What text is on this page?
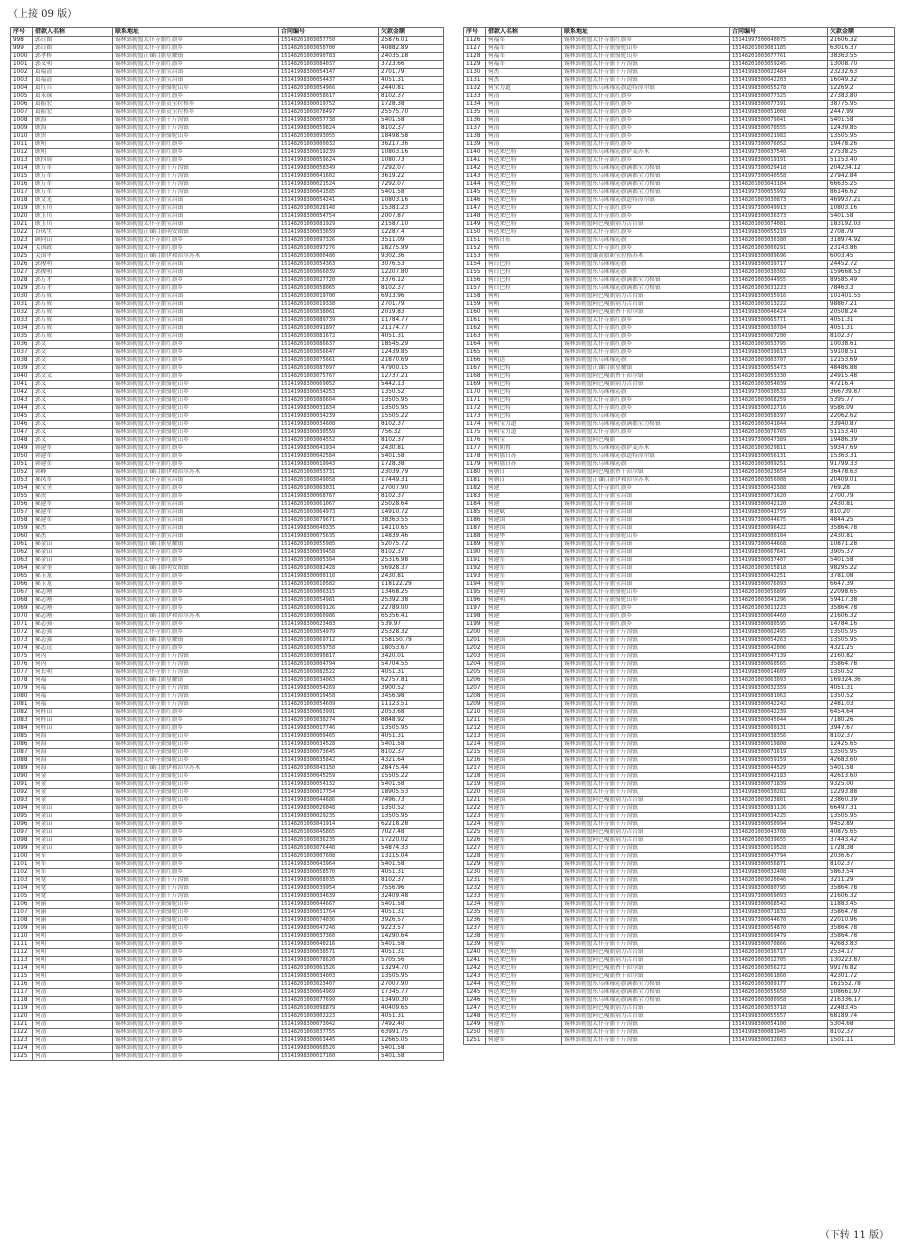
（上接 09 版）
序号	借款人名称	联系地址	合同编号	欠款金额
998	郭日图	锡林郭勒盟太仆寺旗红旗乡	15148201003057750	25876.01
999	郭日图	锡林郭勒盟太仆寺旗红旗乡	15148201003050700	40882.89
1000	郭孝桥	锡林郭勒盟正镶白旗星耀镇	15148201003090783	24035.18
1001	郭义明	锡林郭勒盟太仆寺旗红旗乡	15148201003084037	3723.66
1002	葛福清	锡林郭勒盟太仆寺旗宝昌镇	15141998300054147	2701.79
1003	葛福清	锡林郭勒盟太仆寺旗宝昌镇	15141998300054437	4051.31
1004	葛红兵	锡林郭勒盟太仆寺旗骆驼山乡	15148201003054966	2440.81
1005	葛永禄	锡林郭勒盟太仆寺旗红旗乡	15141998300058617	8102.37
1006	葛振宏	锡林郭勒盟太仆寺旗贡宝拉格乡	15141998300019752	1728.38
1007	葛振宏	锡林郭勒盟太仆寺旗贡宝拉格乡	15148201003078497	25575.70
1008	耿海	锡林郭勒盟太仆寺旗千斤沟镇	15141998300057738	5401.58
1009	耿海	锡林郭勒盟太仆寺旗千斤沟镇	15141998300059824	8102.37
1010	耿贵	锡林郭勒盟太仆寺旗骆驼山乡	15148201003093055	18498.58
1011	耿明	锡林郭勒盟太仆寺旗红旗乡	15148201003000032	36217.36
1012	耿明	锡林郭勒盟太仆寺旗红旗乡	15141998300019239	10803.16
1013	耿四周	锡林郭勒盟太仆寺旗红旗乡	15141998300059624	1080.73
1014	耿万军	锡林郭勒盟太仆寺旗千斤沟镇	15141998300058349	7292.07
1015	耿万军	锡林郭勒盟太仆寺旗千斤沟镇	15141998300041602	3619.22
1016	耿万军	锡林郭勒盟太仆寺旗千斤沟镇	15141998300021524	7292.07
1017	耿万军	锡林郭勒盟太仆寺旗千斤沟镇	15141998300041585	5401.58
1018	耿文光	锡林郭勒盟太仆寺旗宝昌镇	15141998300054241	10803.16
1019	耿玉川	锡林郭勒盟太仆寺旗宝昌镇	15148201003028148	15381.23
1020	耿玉川	锡林郭勒盟太仆寺旗宝昌镇	15141998300054754	2007.87
1021	耿玉川	锡林郭勒盟太仆寺旗宝昌镇	15148201003081929	21587.10
1022	谷凤生	锡林郭勒盟正镶白旗明安图镇	15141998300033659	12287.4
1023	顾向山	锡林郭勒盟太仆寺旗红旗乡	15148201003097326	3511.09
1024	关国政	锡林郭勒盟太仆寺旗红旗乡	15148201003097276	18275.99
1025	关国平	锡林郭勒盟正镶白旗伊和淖尔苏木	15148201003000486	9302.36
1026	郭俊明	锡林郭勒盟太仆寺旗宝昌镇	15148201003054363	3076.53
1027	郭俊明	锡林郭勒盟太仆寺旗宝昌镇	15148201003066039	12207.80
1028	郭万才	锡林郭勒盟太仆寺旗红旗乡	15148201003027720	3376.12
1029	郭万才	锡林郭勒盟太仆寺旗红旗乡	15148201003058065	8102.37
1030	郭万成	锡林郭勒盟太仆寺旗宝昌镇	15148201003019700	6913.96
1031	郭万成	锡林郭勒盟太仆寺旗宝昌镇	15148201003019338	2701.79
1032	郭万成	锡林郭勒盟太仆寺旗宝昌镇	15148201003038061	2019.83
1033	郭万成	锡林郭勒盟太仆寺旗宝昌镇	15148201003089739	11784.77
1034	郭万成	锡林郭勒盟太仆寺旗宝昌镇	15148201003091897	21174.77
1035	郭万成	锡林郭勒盟太仆寺旗宝昌镇	15148201003081672	4051.31
1036	郭文	锡林郭勒盟太仆寺旗红旗乡	15148201003086637	18545.29
1037	郭文	锡林郭勒盟太仆寺旗红旗乡	15148201003056647	12439.85
1038	郭文	锡林郭勒盟太仆寺旗红旗乡	15148201003075661	21870.69
1039	郭文	锡林郭勒盟太仆寺旗红旗乡	15148201003087097	47900.15
1040	郭文义	锡林郭勒盟太仆寺旗红旗乡	15148201003075767	12737.21
1041	郭义	锡林郭勒盟太仆寺旗骆驼山乡	15141998300069052	5442.13
1042	郭义	锡林郭勒盟太仆寺旗骆驼山乡	15141998300034253	1350.52
1043	郭义	锡林郭勒盟太仆寺旗骆驼山乡	15148201003080604	13505.95
1044	郭义	锡林郭勒盟太仆寺旗骆驼山乡	15141998300031834	13505.95
1045	郭义	锡林郭勒盟太仆寺旗骆驼山乡	15141998300034239	15505.22
1046	郭义	锡林郭勒盟太仆寺旗骆驼山乡	15141998300034608	8102.37
1047	郭义	锡林郭勒盟太仆寺旗骆驼山乡	15141998300030559	756.32
1048	郭义	锡林郭勒盟太仆寺旗骆驼山乡	15148201003004552	8102.37
1049	韩建军	锡林郭勒盟太仆寺旗红旗乡	15141998300041934	2430.81
1050	韩建军	锡林郭勒盟太仆寺旗红旗乡	15141998300042584	5401.58
1051	韩建军	锡林郭勒盟太仆寺旗红旗乡	15141998300019943	1728.38
1052	韩峰	锡林郭勒盟正镶白旗伊和淖尔苏木	15148201003053731	23039.79
1053	郝凤军	锡林郭勒盟太仆寺旗宝昌镇	15148201003049058	17449.31
1054	郝宝全	锡林郭勒盟太仆寺旗红旗乡	15148201003063031	27007.90
1055	郝贵	锡林郭勒盟太仆寺旗红旗乡	15141998300068767	8102.37
1056	郝建军	锡林郭勒盟太仆寺旗宝昌镇	15148201003061067	25028.64
1057	郝建军	锡林郭勒盟太仆寺旗宝昌镇	15148201003064973	14910.72
1058	郝建军	锡林郭勒盟太仆寺旗宝昌镇	15148201003079671	38363.55
1059	郝杰	锡林郭勒盟太仆寺旗宝昌镇	15141998300040335	14110.65
1060	郝杰	锡林郭勒盟太仆寺旗宝昌镇	15141998300075635	14839.46
1061	郝金山	锡林郭勒盟正镶白旗星耀镇	15148201003055985	52075.72
1062	郝金山	锡林郭勒盟太仆寺旗红旗乡	15141998300039458	8102.37
1063	郝金山	锡林郭勒盟太仆寺旗红旗乡	15148201003005304	25316.98
1064	郝金奎	锡林郭勒盟正镶白旗明安图镇	15148201003082428	56928.37
1065	郝玉龙	锡林郭勒盟太仆寺旗红旗乡	15141998300000110	2430.81
1066	郝玉龙	锡林郭勒盟太仆寺旗红旗乡	15148201003010582	118122.29
1067	郝志刚	锡林郭勒盟太仆寺旗红旗乡	15148201003006315	13468.25
1068	郝志刚	锡林郭勒盟太仆寺旗红旗乡	15148201003054981	25392.38
1069	郝志刚	锡林郭勒盟太仆寺旗红旗乡	15148201003069126	22789.00
1070	郝志刚	锡林郭勒盟正镶白旗伊和淖尔苏木	15148201003060986	65356.41
1071	郝志强	锡林郭勒盟太仆寺旗红旗乡	15141998300023483	539.97
1072	郝志强	锡林郭勒盟太仆寺旗红旗乡	15148201003054979	25328.32
1073	郝志强	锡林郭勒盟正镶白旗星耀镇	15148201003069712	158150.79
1074	郝志远	锡林郭勒盟太仆寺旗红旗乡	15148201003059758	18053.67
1075	何丙	锡林郭勒盟太仆寺旗千斤沟镇	15148201003090817	3420.01
1076	何丙	锡林郭勒盟太仆寺旗千斤沟镇	15148201003004794	54704.55
1077	何长明	锡林郭勒盟太仆寺旗千斤沟镇	15148201003082522	4051.31
1078	何福	锡林郭勒盟正镶白旗星耀镇	15148201003034063	62757.81
1079	何福	锡林郭勒盟太仆寺旗千斤沟镇	15141998300054269	3900.52
1080	何福	锡林郭勒盟太仆寺旗千斤沟镇	15141998300019458	3456.98
1081	何福	锡林郭勒盟太仆寺旗千斤沟镇	15148201003054609	11123.51
1082	何桂山	锡林郭勒盟太仆寺旗红旗乡	15141998300063991	2053.68
1083	何桂山	锡林郭勒盟太仆寺旗红旗乡	15148201003030274	8848.92
1084	何桂山	锡林郭勒盟太仆寺旗红旗乡	15141998300017746	13505.95
1085	何海	锡林郭勒盟太仆寺旗骆驼山乡	15141998300009465	4051.31
1086	何海	锡林郭勒盟太仆寺旗骆驼山乡	15141998300034528	5401.58
1087	何海	锡林郭勒盟太仆寺旗骆驼山乡	15141998300073645	8102.37
1088	何海	锡林郭勒盟太仆寺旗骆驼山乡	15141998300035842	4321.64
1089	何海	锡林郭勒盟正镶白旗伊和淖尔苏木	15148201003043150	28475.44
1090	何金	锡林郭勒盟太仆寺旗骆驼山乡	15141998300045259	15505.22
1091	何金	锡林郭勒盟太仆寺旗骆驼山乡	15141998300054132	5401.58
1092	何金	锡林郭勒盟太仆寺旗骆驼山乡	15141998300017754	18905.53
1093	何金	锡林郭勒盟太仆寺旗骆驼山乡	15141998300044686	7496.73
1094	何金山	锡林郭勒盟太仆寺旗红旗乡	15141998300026048	1350.52
1095	何金山	锡林郭勒盟太仆寺旗红旗乡	15141998300029235	13505.95
1096	何金山	锡林郭勒盟太仆寺旗红旗乡	15148201003041914	62218.28
1097	何金山	锡林郭勒盟太仆寺旗红旗乡	15148201003045865	7027.48
1098	何金山	锡林郭勒盟太仆寺旗红旗乡	15148201003036235	17220.02
1099	何金山	锡林郭勒盟太仆寺旗红旗乡	15148201003076448	54874.33
1100	何军	锡林郭勒盟太仆寺旗红旗乡	15148201003007608	13115.04
1101	何军	锡林郭勒盟太仆寺旗红旗乡	15141998300043964	5401.58
1102	何军	锡林郭勒盟太仆寺旗红旗乡	15141998300058570	4051.31
1103	何宽	锡林郭勒盟太仆寺旗千斤沟镇	15141998300008035	8102.37
1104	何宽	锡林郭勒盟太仆寺旗千斤沟镇	15141998300039954	7556.96
1105	何宽	锡林郭勒盟太仆寺旗千斤沟镇	15141998300034639	32409.48
1106	何丽	锡林郭勒盟太仆寺旗骆驼山乡	15141998300044667	5401.58
1107	何丽	锡林郭勒盟太仆寺旗骆驼山乡	15141998300031764	4051.31
1108	何丽	锡林郭勒盟太仆寺旗骆驼山乡	15141998300074036	3926.57
1109	何丽	锡林郭勒盟太仆寺旗骆驼山乡	15141998300047248	9223.57
1110	何明	锡林郭勒盟太仆寺旗红旗乡	15141998300037360	14290.64
1111	何明	锡林郭勒盟太仆寺旗红旗乡	15141998300040216	5401.58
1112	何明	锡林郭勒盟太仆寺旗红旗乡	15141998300038571	4051.31
1113	何明	锡林郭勒盟太仆寺旗红旗乡	15141998300078620	5705.56
1114	何明	锡林郭勒盟太仆寺旗红旗乡	15148201003061526	13294.70
1115	何明	锡林郭勒盟太仆寺旗红旗乡	15141998300034003	13505.95
1116	何清	锡林郭勒盟太仆寺旗红旗乡	15148201003023407	27007.90
1117	何清	锡林郭勒盟太仆寺旗红旗乡	15141998300064969	17345.77
1118	何清	锡林郭勒盟太仆寺旗红旗乡	15148201003077699	13490.30
1119	何清	锡林郭勒盟太仆寺旗红旗乡	15148201003098879	40409.65
1120	何清	锡林郭勒盟太仆寺旗红旗乡	15148201003002223	4051.31
1121	何清	锡林郭勒盟太仆寺旗红旗乡	15141998300073042	7492.40
1122	何清	锡林郭勒盟太仆寺旗红旗乡	15148201003037755	63991.75
1123	何清	锡林郭勒盟太仆寺旗红旗乡	15141998300063445	12665.05
1124	何清	锡林郭勒盟太仆寺旗红旗乡	15141998300068520	5401.58
1125	何清	锡林郭勒盟太仆寺旗红旗乡	15141998300017160	5401.58
序号	借款人名称	联系地址	合同编号	欠款金额
1126	何福军	锡林郭勒盟太仆寺旗红旗乡	15141997300040075	21606.32
1127	何福军	锡林郭勒盟太仆寺旗骆驼山乡	15148201003081185	63016.37
1128	何福军	锡林郭勒盟太仆寺旗骆驼山乡	15148201003077761	38363.55
1129	何福军	锡林郭勒盟太仆寺旗千斤沟镇	15148201003059245	13008.70
1130	何杰	锡林郭勒盟太仆寺旗千斤沟镇	15141998300022484	23232.63
1131	何杰	锡林郭勒盟太仆寺旗千斤沟镇	15141998300042203	16049.32
1132	何宝力道	锡林郭勒盟东乌珠穆沁旗道特淖尔镇	15141998300055278	12269.2
1133	何清	锡林郭勒盟太仆寺旗红旗乡	15141998300077325	27383.80
1134	何清	锡林郭勒盟太仆寺旗红旗乡	15141998300077391	38775.95
1135	何清	锡林郭勒盟太仆寺旗红旗乡	15141998300051008	2447.99
1136	何清	锡林郭勒盟太仆寺旗红旗乡	15141998300079041	5401.58
1137	何清	锡林郭勒盟太仆寺旗红旗乡	15141998300070555	12439.85
1138	何清	锡林郭勒盟太仆寺旗红旗乡	15141998300021982	13505.95
1139	何清	锡林郭勒盟太仆寺旗红旗乡	15141997300076052	19478.26
1140	何达来巴特	锡林郭勒盟东乌珠穆沁旗萨麦苏木	15141997300037540	27538.25
1141	何达来巴特	锡林郭勒盟太仆寺旗红旗乡	15141998300019191	51153.40
1142	何达来巴特	锡林郭勒盟东乌珠穆沁旗满都宝力格镇	15141997300029418	204234.12
1143	何达来巴特	锡林郭勒盟东乌珠穆沁旗满都宝力格镇	15141997300040558	27942.84
1144	何达来巴特	锡林郭勒盟东乌珠穆沁旗满都宝力格镇	15148201003041184	66635.25
1145	何达来巴特	锡林郭勒盟东乌珠穆沁旗满都宝力格镇	15141997300055992	86146.62
1146	何达来巴特	锡林郭勒盟东乌珠穆沁旗道特淖尔镇	15148201003030873	469937.21
1147	何达来巴特	锡林郭勒盟太仆寺旗红旗乡	15141997300049913	10803.16
1148	何达来巴特	锡林郭勒盟太仆寺旗红旗乡	15141998300036373	5401.58
1149	何达来巴特	锡林郭勒盟阿巴嘎旗别力古台镇	15148201003074081	183192.03
1150	何达来巴特	锡林郭勒盟太仆寺旗红旗乡	15141998300055219	2708.79
1151	何格日乐	锡林郭勒盟东乌珠穆沁旗	15148201003036380	318974.92
1152	何格	锡林郭勒盟太仆寺旗红旗乡	15148201003000291	23143.86
1153	何格	锡林郭勒盟镶黄旗新宝拉格苏木	15141998300009696	6003.45
1154	何日巴拉	锡林郭勒盟东乌珠穆沁旗	15141998300039717	24452.72
1155	何日巴拉	锡林郭勒盟东乌珠穆沁旗	15148201003030302	159668.53
1156	何日巴拉	锡林郭勒盟东乌珠穆沁旗满都宝力格镇	15148201003044955	89585.49
1157	何日巴拉	锡林郭勒盟东乌珠穆沁旗满都宝力格镇	15148201003031223	78463.3
1158	何明	锡林郭勒盟阿巴嘎旗别力古台镇	15141998300035916	101401.55
1159	何明	锡林郭勒盟阿巴嘎旗别力古台镇	15148201003013222	98867.21
1160	何明	锡林郭勒盟阿巴嘎旗查干淖尔镇	15141998300046424	20508.24
1161	何明	锡林郭勒盟太仆寺旗红旗乡	15141998300065771	4051.31
1162	何明	锡林郭勒盟太仆寺旗红旗乡	15141998300030784	4051.31
1163	何明	锡林郭勒盟太仆寺旗红旗乡	15141998300067200	8102.37
1164	何明	锡林郭勒盟太仆寺旗红旗乡	15148201003053795	10038.61
1165	何明	锡林郭勒盟太仆寺旗红旗乡	15141998300039813	59108.51
1166	何明达	锡林郭勒盟东乌珠穆沁旗	15148201003003707	12153.69
1167	何明巴特	锡林郭勒盟正镶白旗星耀镇	15141998300053473	48486.88
1168	何明巴特	锡林郭勒盟阿巴嘎旗查干淖尔镇	15148201003053330	24915.48
1169	何明巴特	锡林郭勒盟阿巴嘎旗别力古台镇	15148201003054039	47216.4
1170	何明巴特	锡林郭勒盟东乌珠穆沁旗	15141997300030532	366739.87
1171	何明巴特	锡林郭勒盟太仆寺旗红旗乡	15148201003068259	5395.77
1172	何明巴特	锡林郭勒盟太仆寺旗红旗乡	15141998300012716	9586.09
1173	何明巴特	锡林郭勒盟东乌珠穆沁旗	15148201003058397	22062.62
1174	何明宝力道	锡林郭勒盟东乌珠穆沁旗满都宝力格镇	15148201003041044	33940.87
1175	何明宝力道	锡林郭勒盟太仆寺旗红旗乡	15148201003076765	51153.40
1176	何明宝	锡林郭勒盟阿巴嘎旗	15141997300047389	19486.39
1177	何明朝鲁	锡林郭勒盟东乌珠穆沁旗萨麦苏木	15148201003029811	59347.69
1178	何明那日苏	锡林郭勒盟东乌珠穆沁旗道特淖尔镇	15141998300056131	15363.31
1179	何明那日苏	锡林郭勒盟东乌珠穆沁旗	15148201003009251	91799.33
1180	何朝日	锡林郭勒盟阿巴嘎旗查干淖尔镇	15148201003023654	36478.63
1181	何朝日	锡林郭勒盟正镶白旗伊和淖尔苏木	15148201003056008	20409.01
1182	何建	锡林郭勒盟太仆寺旗红旗乡	15141998300042388	769.28
1183	何建	锡林郭勒盟太仆寺旗宝昌镇	15141998300071620	2700.79
1184	何建	锡林郭勒盟太仆寺旗宝昌镇	15141998300042120	2430.81
1185	何建斌	锡林郭勒盟太仆寺旗宝昌镇	15141998300041759	810.20
1186	何建国	锡林郭勒盟太仆寺旗宝昌镇	15141997300044675	4844.25
1187	何建国	锡林郭勒盟太仆寺旗宝昌镇	15141998300096422	35864.78
1188	何建华	锡林郭勒盟太仆寺旗骆驼山乡	15141998300000104	2430.81
1189	何建军	锡林郭勒盟太仆寺旗宝昌镇	15141997300044668	10871.28
1190	何建军	锡林郭勒盟太仆寺旗宝昌镇	15141998300067841	3905.37
1191	何建军	锡林郭勒盟太仆寺旗宝昌镇	15141998300037407	5401.58
1192	何建军	锡林郭勒盟太仆寺旗宝昌镇	15148201003015818	98295.22
1193	何建军	锡林郭勒盟太仆寺旗宝昌镇	15141998300042251	3781.08
1194	何建军	锡林郭勒盟太仆寺旗宝昌镇	15141998300076093	6647.39
1195	何建明	锡林郭勒盟太仆寺旗骆驼山乡	15148201003056809	22098.65
1196	何建明	锡林郭勒盟太仆寺旗骆驼山乡	15148201003041296	59417.38
1197	何建	锡林郭勒盟太仆寺旗红旗乡	15148201003011223	35864.78
1198	何建	锡林郭勒盟太仆寺旗红旗乡	15141998300064460	21606.32
1199	何建	锡林郭勒盟太仆寺旗红旗乡	15141998300080595	14784.16
1200	何建	锡林郭勒盟太仆寺旗千斤沟镇	15141998300062495	13505.95
1201	何建国	锡林郭勒盟太仆寺旗千斤沟镇	15141998300054263	13505.95
1202	何建国	锡林郭勒盟太仆寺旗千斤沟镇	15141998300042006	4321.25
1203	何建国	锡林郭勒盟太仆寺旗千斤沟镇	15141998300047139	2160.82
1204	何建国	锡林郭勒盟太仆寺旗千斤沟镇	15141998300060565	35864.78
1205	何建国	锡林郭勒盟太仆寺旗千斤沟镇	15141998300014609	1350.52
1206	何建国	锡林郭勒盟太仆寺旗千斤沟镇	15148201003063093	169324.36
1207	何建国	锡林郭勒盟太仆寺旗千斤沟镇	15141998300032359	4051.31
1208	何建国	锡林郭勒盟太仆寺旗千斤沟镇	15141998300081062	1350.52
1209	何建国	锡林郭勒盟太仆寺旗千斤沟镇	15141998300042242	2481.03
1210	何建国	锡林郭勒盟太仆寺旗千斤沟镇	15141998300042239	6454.64
1211	何建国	锡林郭勒盟太仆寺旗千斤沟镇	15141998300045044	7180.26
1212	何建国	锡林郭勒盟太仆寺旗千斤沟镇	15141998300000131	3947.67
1213	何建国	锡林郭勒盟太仆寺旗千斤沟镇	15141998300038356	8102.37
1214	何建国	锡林郭勒盟太仆寺旗千斤沟镇	15141998300019808	12425.65
1215	何建国	锡林郭勒盟太仆寺旗千斤沟镇	15141998300071619	13505.95
1216	何建国	锡林郭勒盟太仆寺旗千斤沟镇	15141998300059159	42683.60
1217	何建国	锡林郭勒盟太仆寺旗千斤沟镇	15141998300044529	5401.58
1218	何建国	锡林郭勒盟太仆寺旗千斤沟镇	15141998300042183	42613.60
1219	何建国	锡林郭勒盟太仆寺旗千斤沟镇	15141998300071839	9325.00
1220	何建国	锡林郭勒盟太仆寺旗千斤沟镇	15141998300030282	12293.88
1221	何建国	锡林郭勒盟阿巴嘎旗别力古台镇	15148201003023801	23860.39
1222	何建军	锡林郭勒盟太仆寺旗千斤沟镇	15141998300081126	66497.31
1223	何建军	锡林郭勒盟太仆寺旗千斤沟镇	15141998300034225	13505.95
1224	何建军	锡林郭勒盟太仆寺旗千斤沟镇	15141998300050994	9452.89
1225	何建军	锡林郭勒盟阿巴嘎旗别力古台镇	15148201003043708	40875.65
1226	何建军	锡林郭勒盟阿巴嘎旗别力古台镇	15148201003039655	37443.42
1227	何建军	锡林郭勒盟太仆寺旗千斤沟镇	15141998300019528	1728.38
1228	何建军	锡林郭勒盟太仆寺旗千斤沟镇	15141998300047794	2036.67
1229	何建军	锡林郭勒盟太仆寺旗千斤沟镇	15141998300056871	8102.37
1230	何建军	锡林郭勒盟太仆寺旗千斤沟镇	15141998300032408	5863.54
1231	何建军	锡林郭勒盟太仆寺旗千斤沟镇	15148201003020046	3211.29
1232	何建军	锡林郭勒盟太仆寺旗千斤沟镇	15141998300080795	35864.78
1233	何建军	锡林郭勒盟太仆寺旗千斤沟镇	15141997300069093	21606.32
1234	何建军	锡林郭勒盟太仆寺旗千斤沟镇	15141998300068542	11883.45
1235	何建军	锡林郭勒盟太仆寺旗千斤沟镇	15141998300071832	35864.78
1236	何建军	锡林郭勒盟太仆寺旗千斤沟镇	15141997300044670	22010.96
1237	何建军	锡林郭勒盟太仆寺旗千斤沟镇	15141998300054870	35864.78
1238	何建军	锡林郭勒盟太仆寺旗千斤沟镇	15141998300069479	35864.78
1239	何建军	锡林郭勒盟太仆寺旗千斤沟镇	15141998300070866	42683.83
1240	何达来巴特	锡林郭勒盟阿巴嘎旗别力古台镇	15148201003036717	2534.17
1241	何达来巴特	锡林郭勒盟阿巴嘎旗别力古台镇	15148201003012705	130223.87
1242	何达来巴特	锡林郭勒盟阿巴嘎旗查干淖尔镇	15148201003056272	99176.82
1243	何达来巴特	锡林郭勒盟阿巴嘎旗查干淖尔镇	15148201003061860	42301.72
1244	何达来巴特	锡林郭勒盟东乌珠穆沁旗满都宝力格镇	15148201003009177	161552.78
1245	何达来巴特	锡林郭勒盟东乌珠穆沁旗满都宝力格镇	15148201003055650	108661.97
1246	何达来巴特	锡林郭勒盟东乌珠穆沁旗满都宝力格镇	15148201003000958	216336.17
1247	何达来巴特	锡林郭勒盟阿巴嘎旗别力古台镇	15148201003053718	22483.45
1248	何达来巴特	锡林郭勒盟阿巴嘎旗别力古台镇	15141998300055557	68189.74
1249	何建军	锡林郭勒盟太仆寺旗千斤沟镇	15141998300054100	5304.68
1250	何建军	锡林郭勒盟太仆寺旗千斤沟镇	15141998300081945	8102.37
1251	何建军	锡林郭勒盟太仆寺旗千斤沟镇	15141998300032663	1501.11
（下转 11 版）
